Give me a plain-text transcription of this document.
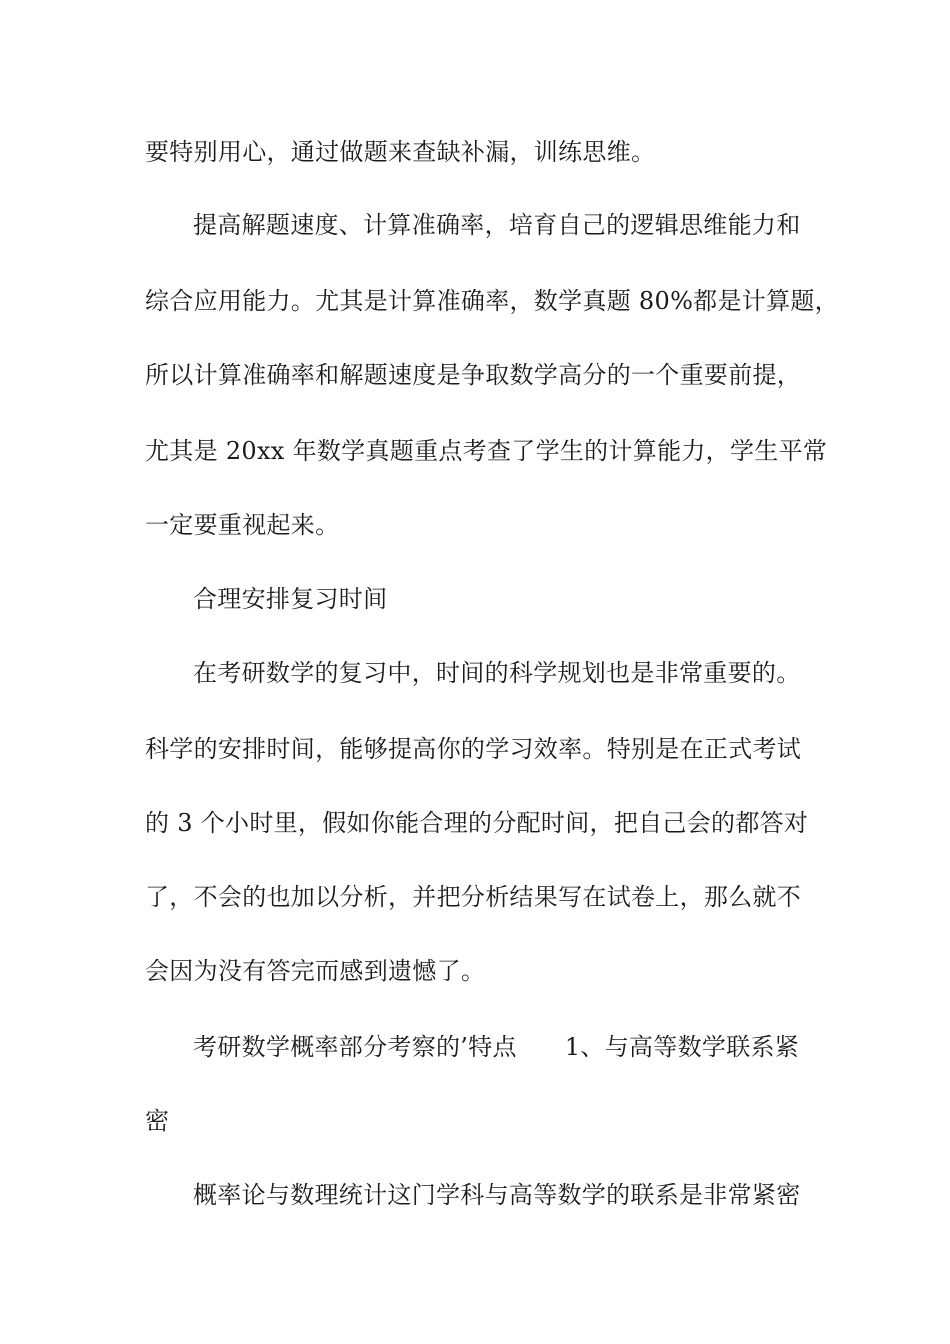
要特别用心，通过做题来查缺补漏，训练思维。
提高解题速度、计算准确率，培育自己的逻辑思维能力和
综合应用能力。尤其是计算准确率，数学真题 80%都是计算题，
所以计算准确率和解题速度是争取数学高分的一个重要前提，
尤其是 20xx 年数学真题重点考查了学生的计算能力，学生平常
一定要重视起来。
合理安排复习时间
在考研数学的复习中，时间的科学规划也是非常重要的。
科学的安排时间，能够提高你的学习效率。特别是在正式考试
的 3 个小时里，假如你能合理的分配时间，把自己会的都答对
了，不会的也加以分析，并把分析结果写在试卷上，那么就不
会因为没有答完而感到遗憾了。
考研数学概率部分考察的’特点 1、与高等数学联系紧
密
概率论与数理统计这门学科与高等数学的联系是非常紧密
